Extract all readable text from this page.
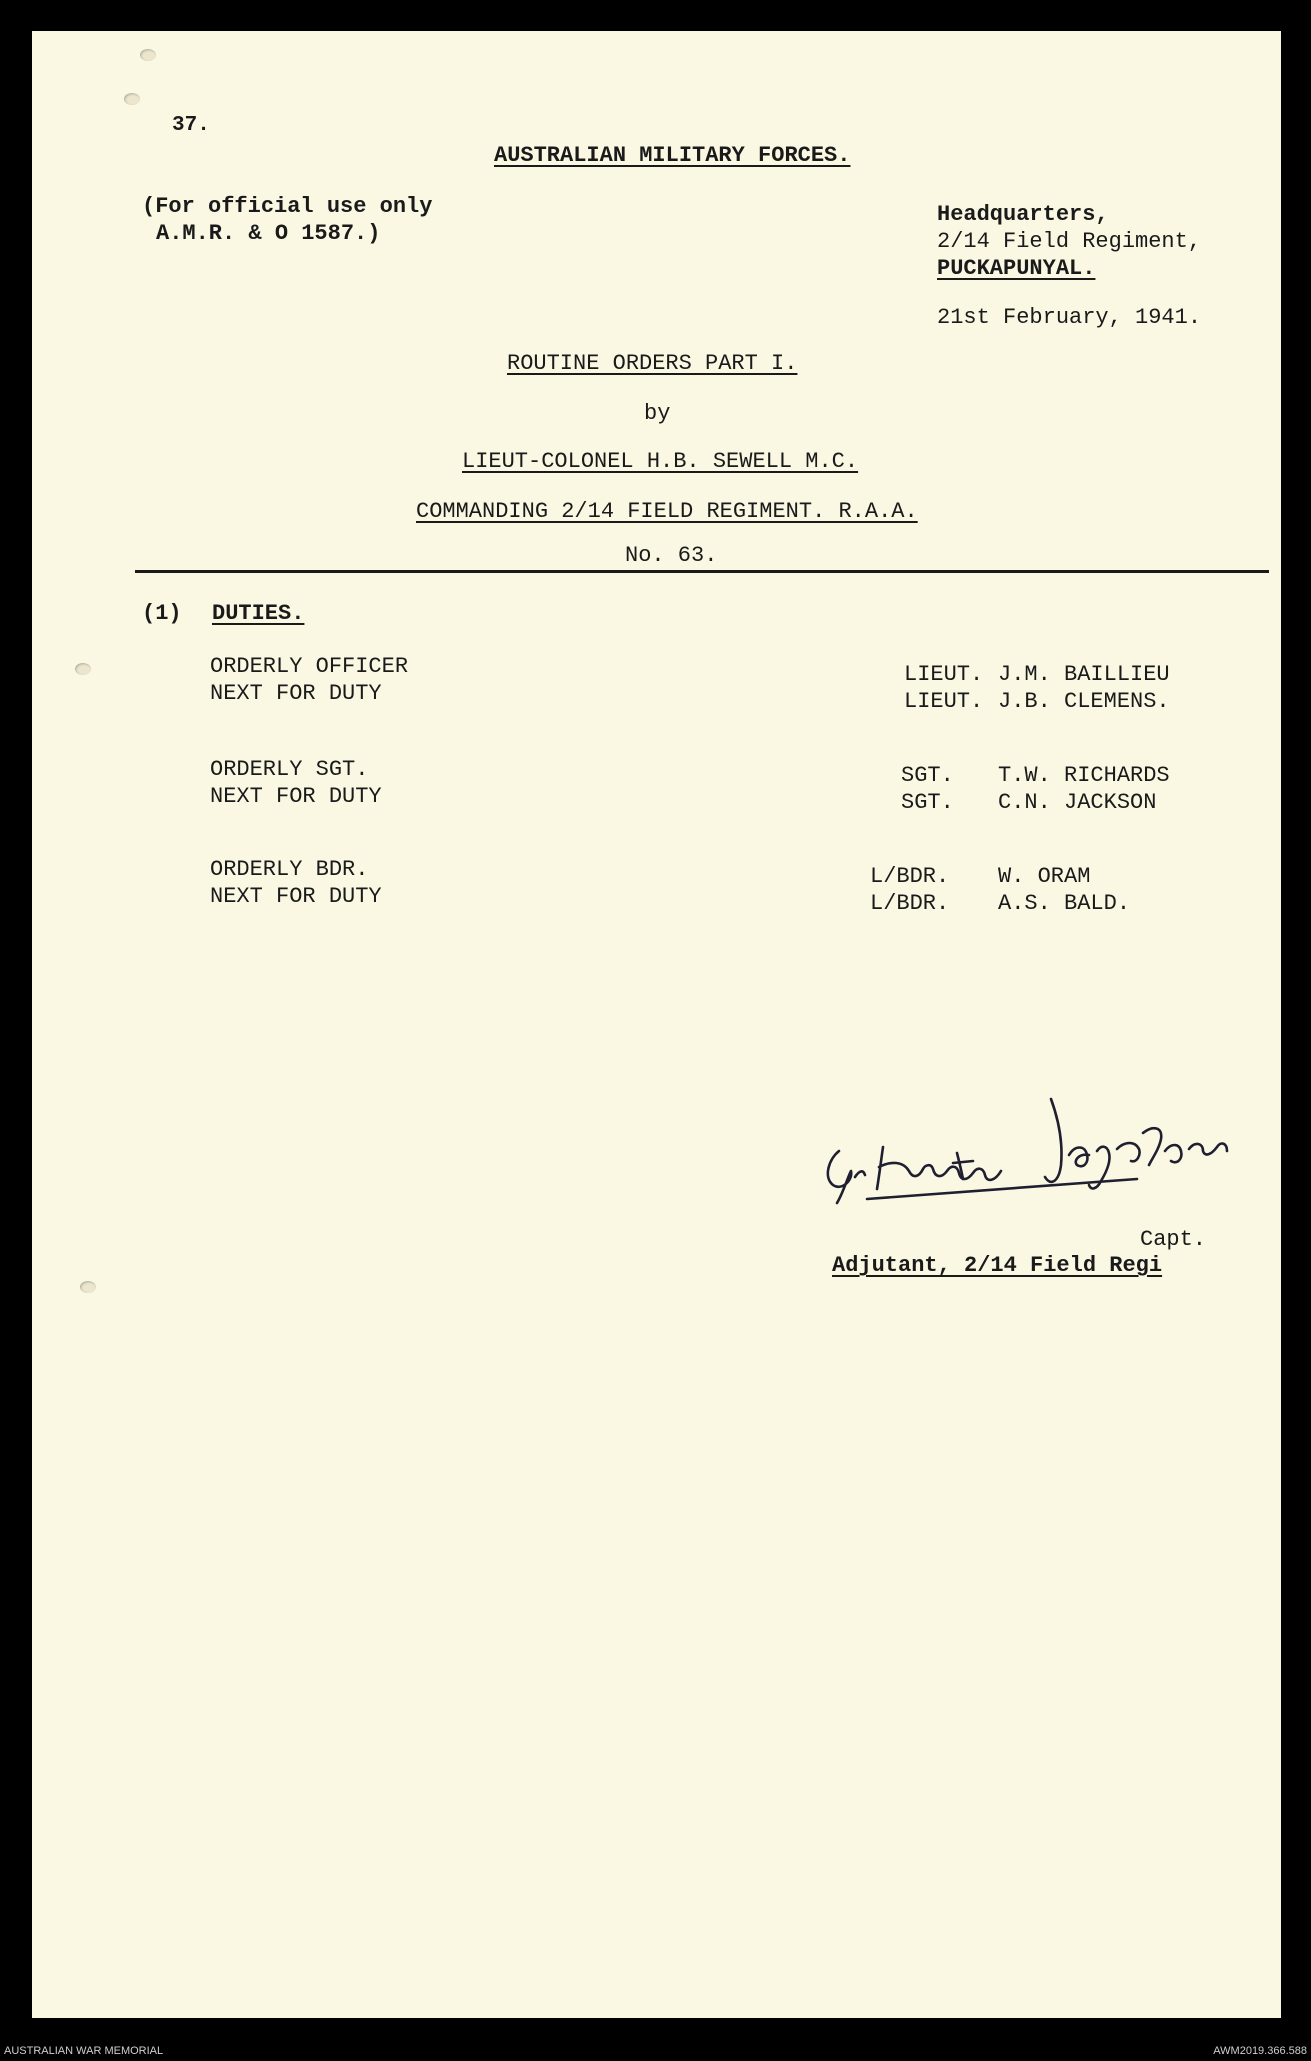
37.
AUSTRALIAN MILITARY FORCES.
(For official use only
A.M.R. & O 1587.)
Headquarters,
2/14 Field Regiment,
PUCKAPUNYAL.
21st February, 1941.
ROUTINE ORDERS PART I.
by
LIEUT-COLONEL H.B. SEWELL M.C.
COMMANDING 2/14 FIELD REGIMENT. R.A.A.
No. 63.
(1) DUTIES.
ORDERLY OFFICER
NEXT FOR DUTY
LIEUT.
LIEUT.
J.M. BAILLIEU
J.B. CLEMENS.
ORDERLY SGT.
NEXT FOR DUTY
SGT.
SGT.
T.W. RICHARDS
C.N. JACKSON
ORDERLY BDR.
NEXT FOR DUTY
L/BDR.
L/BDR.
W. ORAM
A.S. BALD.
Capt.
Adjutant, 2/14 Field Regi
AUSTRALIAN WAR MEMORIAL	AWM2019.366.588
